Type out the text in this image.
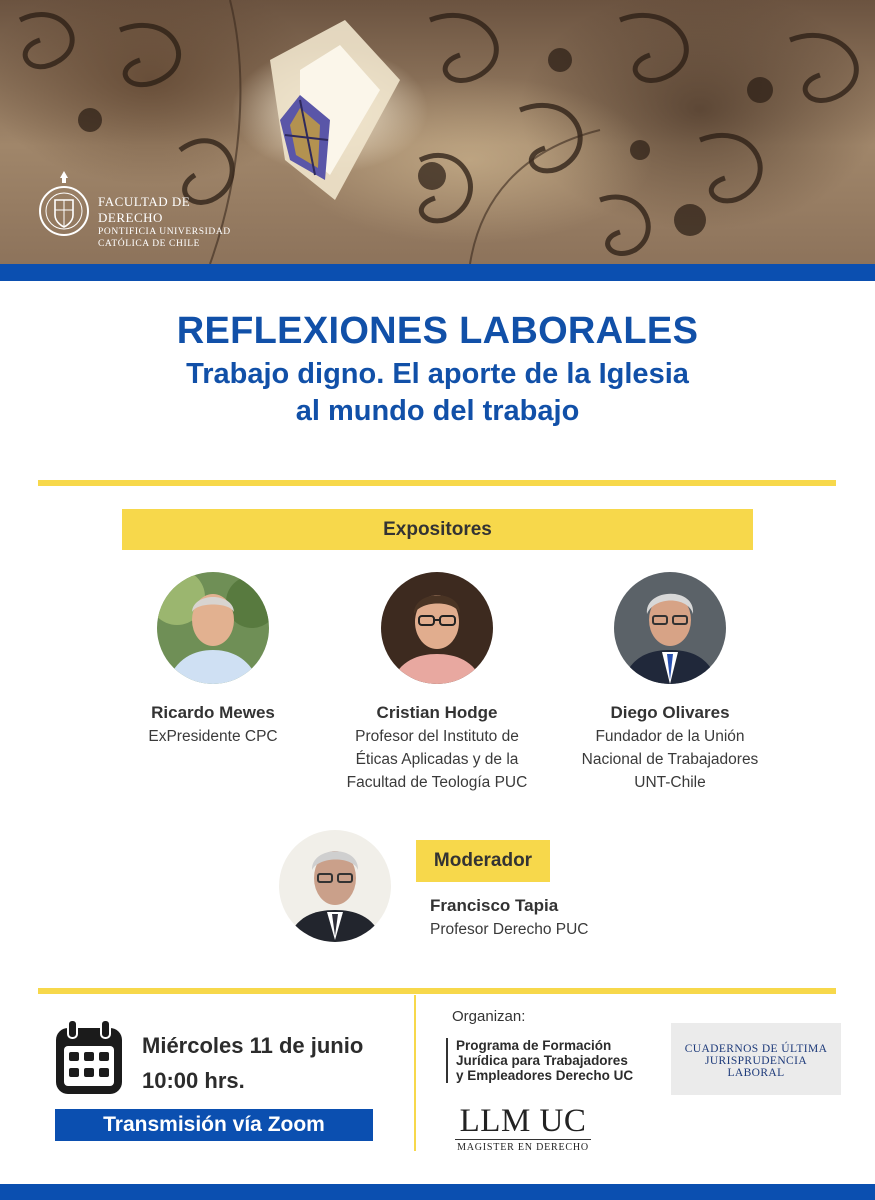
FACULTAD DE DERECHO
PONTIFICIA UNIVERSIDAD
CATÓLICA DE CHILE
REFLEXIONES LABORALES
Trabajo digno. El aporte de la Iglesia
al mundo del trabajo
Expositores
Ricardo Mewes
ExPresidente CPC
Cristian Hodge
Profesor del Instituto de
Éticas Aplicadas y de la
Facultad de Teología PUC
Diego Olivares
Fundador de la Unión
Nacional de Trabajadores
UNT-Chile
Moderador
Francisco Tapia
Profesor Derecho PUC
Miércoles 11 de junio
10:00 hrs.
Transmisión vía Zoom
Organizan:
Programa de Formación
Jurídica para Trabajadores
y Empleadores Derecho UC
CUADERNOS DE ÚLTIMA
JURISPRUDENCIA
LABORAL
LLM UC
MAGISTER EN DERECHO
